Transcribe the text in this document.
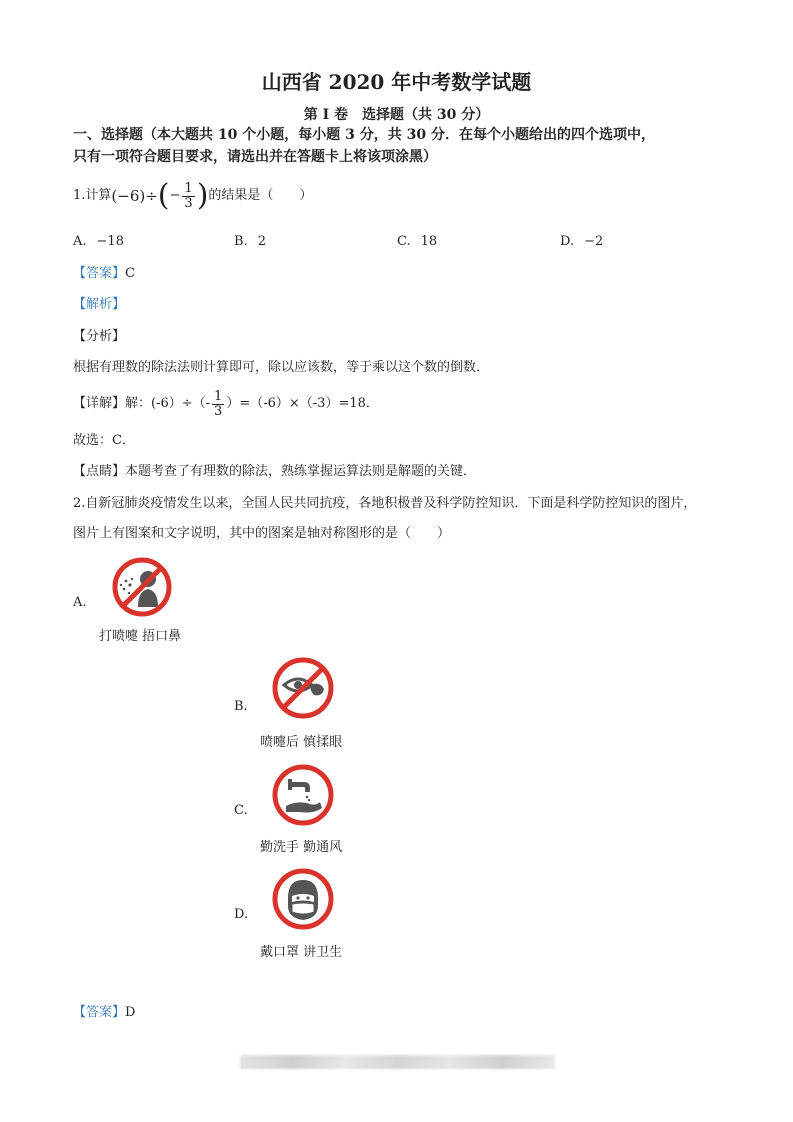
山西省 2020 年中考数学试题
第 I 卷　选择题（共 30 分）
一、选择题（本大题共 10 个小题，每小题 3 分，共 30 分．在每个小题给出的四个选项中，
只有一项符合题目要求，请选出并在答题卡上将该项涂黑）
1.计算 (−6)÷ ( − $\frac{1}{3}$ ) 的结果是（　　）
A. −18	B. 2	C. 18	D. −2
【答案】C
【解析】
【分析】
根据有理数的除法法则计算即可，除以应该数，等于乘以这个数的倒数．
【详解】 解：$(-6)\div(- \frac{1}{3} )=(-6)\times(-3)=18$．
故选：C．
【点睛】本题考查了有理数的除法，熟练掌握运算法则是解题的关键．
2.自新冠肺炎疫情发生以来，全国人民共同抗疫，各地积极普及科学防控知识．下面是科学防控知识的图片，
图片上有图案和文字说明，其中的图案是轴对称图形的是（　　）
A.
打喷嚏 捂口鼻
B.
喷嚏后 慎揉眼
C.
勤洗手 勤通风
D.
戴口罩 讲卫生
【答案】D
